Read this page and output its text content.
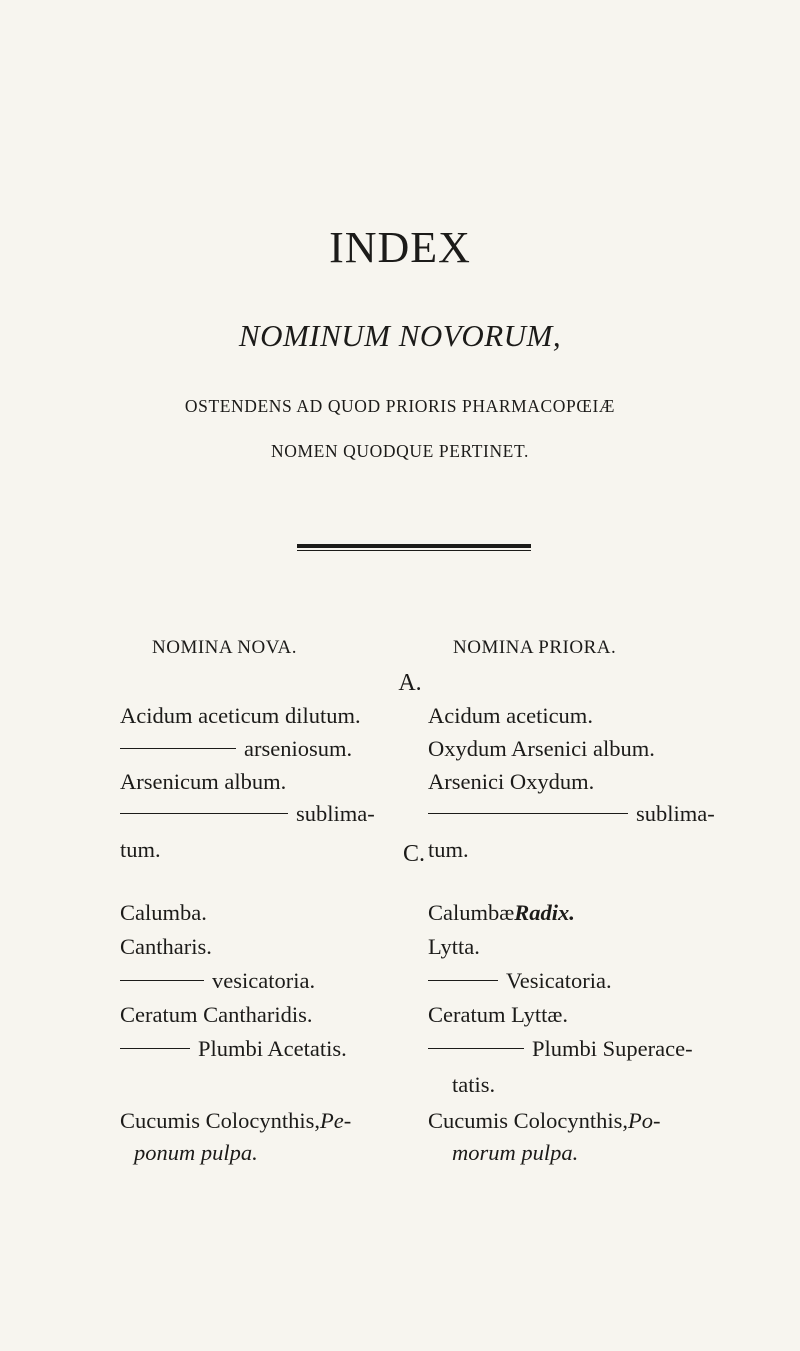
INDEX
NOMINUM NOVORUM,
OSTENDENS AD QUOD PRIORIS PHARMACOPŒIÆ
NOMEN QUODQUE PERTINET.
NOMINA NOVA.	NOMINA PRIORA.
A.
Acidum aceticum dilutum.	Acidum aceticum.
arseniosum.	Oxydum Arsenici album.
Arsenicum album.	Arsenici Oxydum.
sublima-	sublima-
tum.	tum.
C.
Calumba.	Calumbæ Radix.
Cantharis.	Lytta.
vesicatoria.	Vesicatoria.
Ceratum Cantharidis.	Ceratum Lyttæ.
Plumbi Acetatis.	Plumbi Superace-
tatis.
Cucumis Colocynthis, Pe-	Cucumis Colocynthis, Po-
ponum pulpa.	morum pulpa.
